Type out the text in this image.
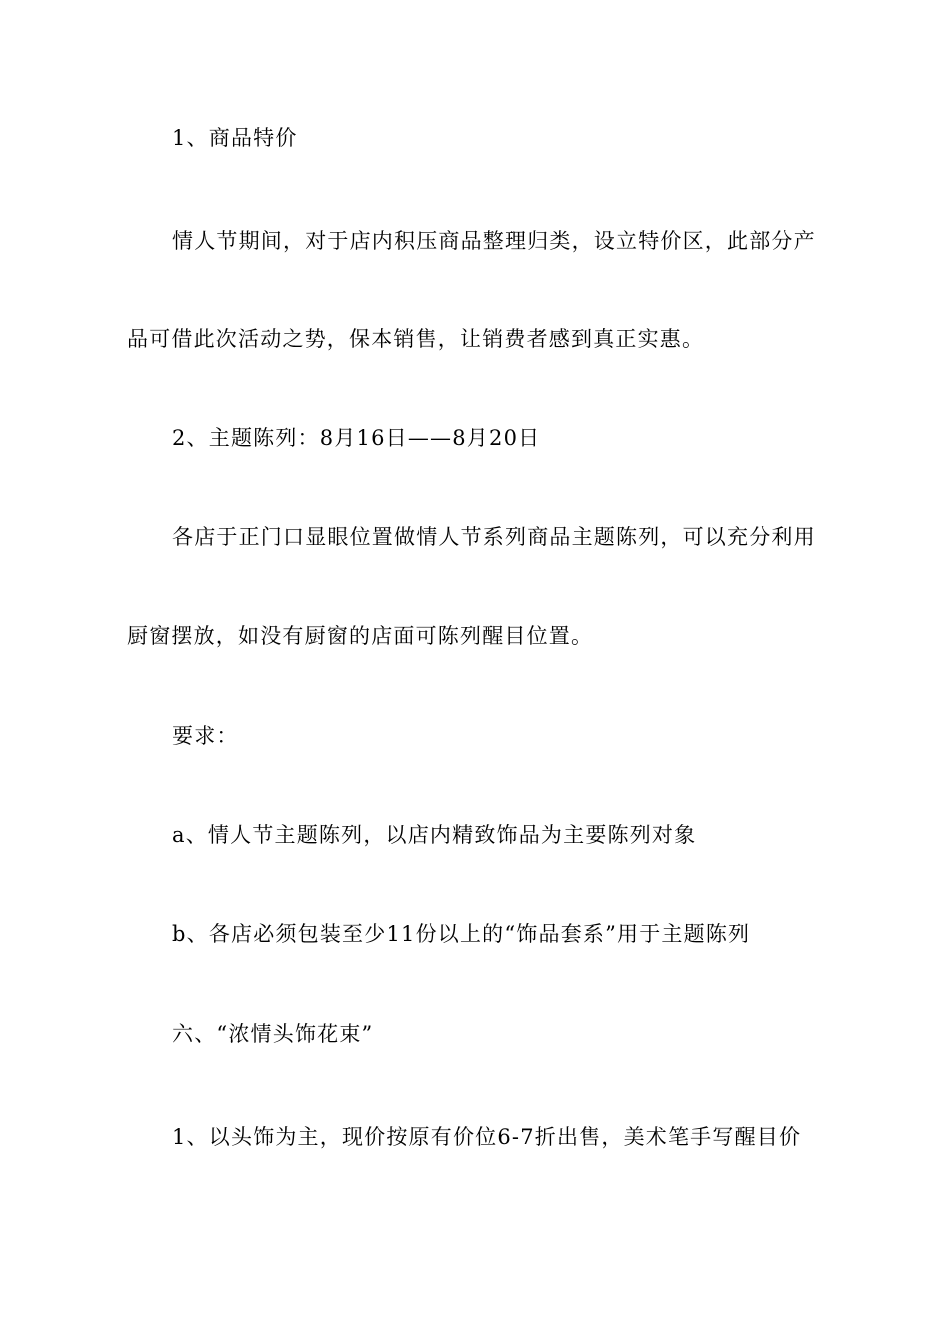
1、商品特价
情人节期间，对于店内积压商品整理归类，设立特价区，此部分产
品可借此次活动之势，保本销售，让销费者感到真正实惠。
2、主题陈列：8月16日——8月20日
各店于正门口显眼位置做情人节系列商品主题陈列，可以充分利用
厨窗摆放，如没有厨窗的店面可陈列醒目位置。
要求：
a、情人节主题陈列，以店内精致饰品为主要陈列对象
b、各店必须包装至少11份以上的“饰品套系”用于主题陈列
六、“浓情头饰花束”
1、以头饰为主，现价按原有价位6-7折出售，美术笔手写醒目价
